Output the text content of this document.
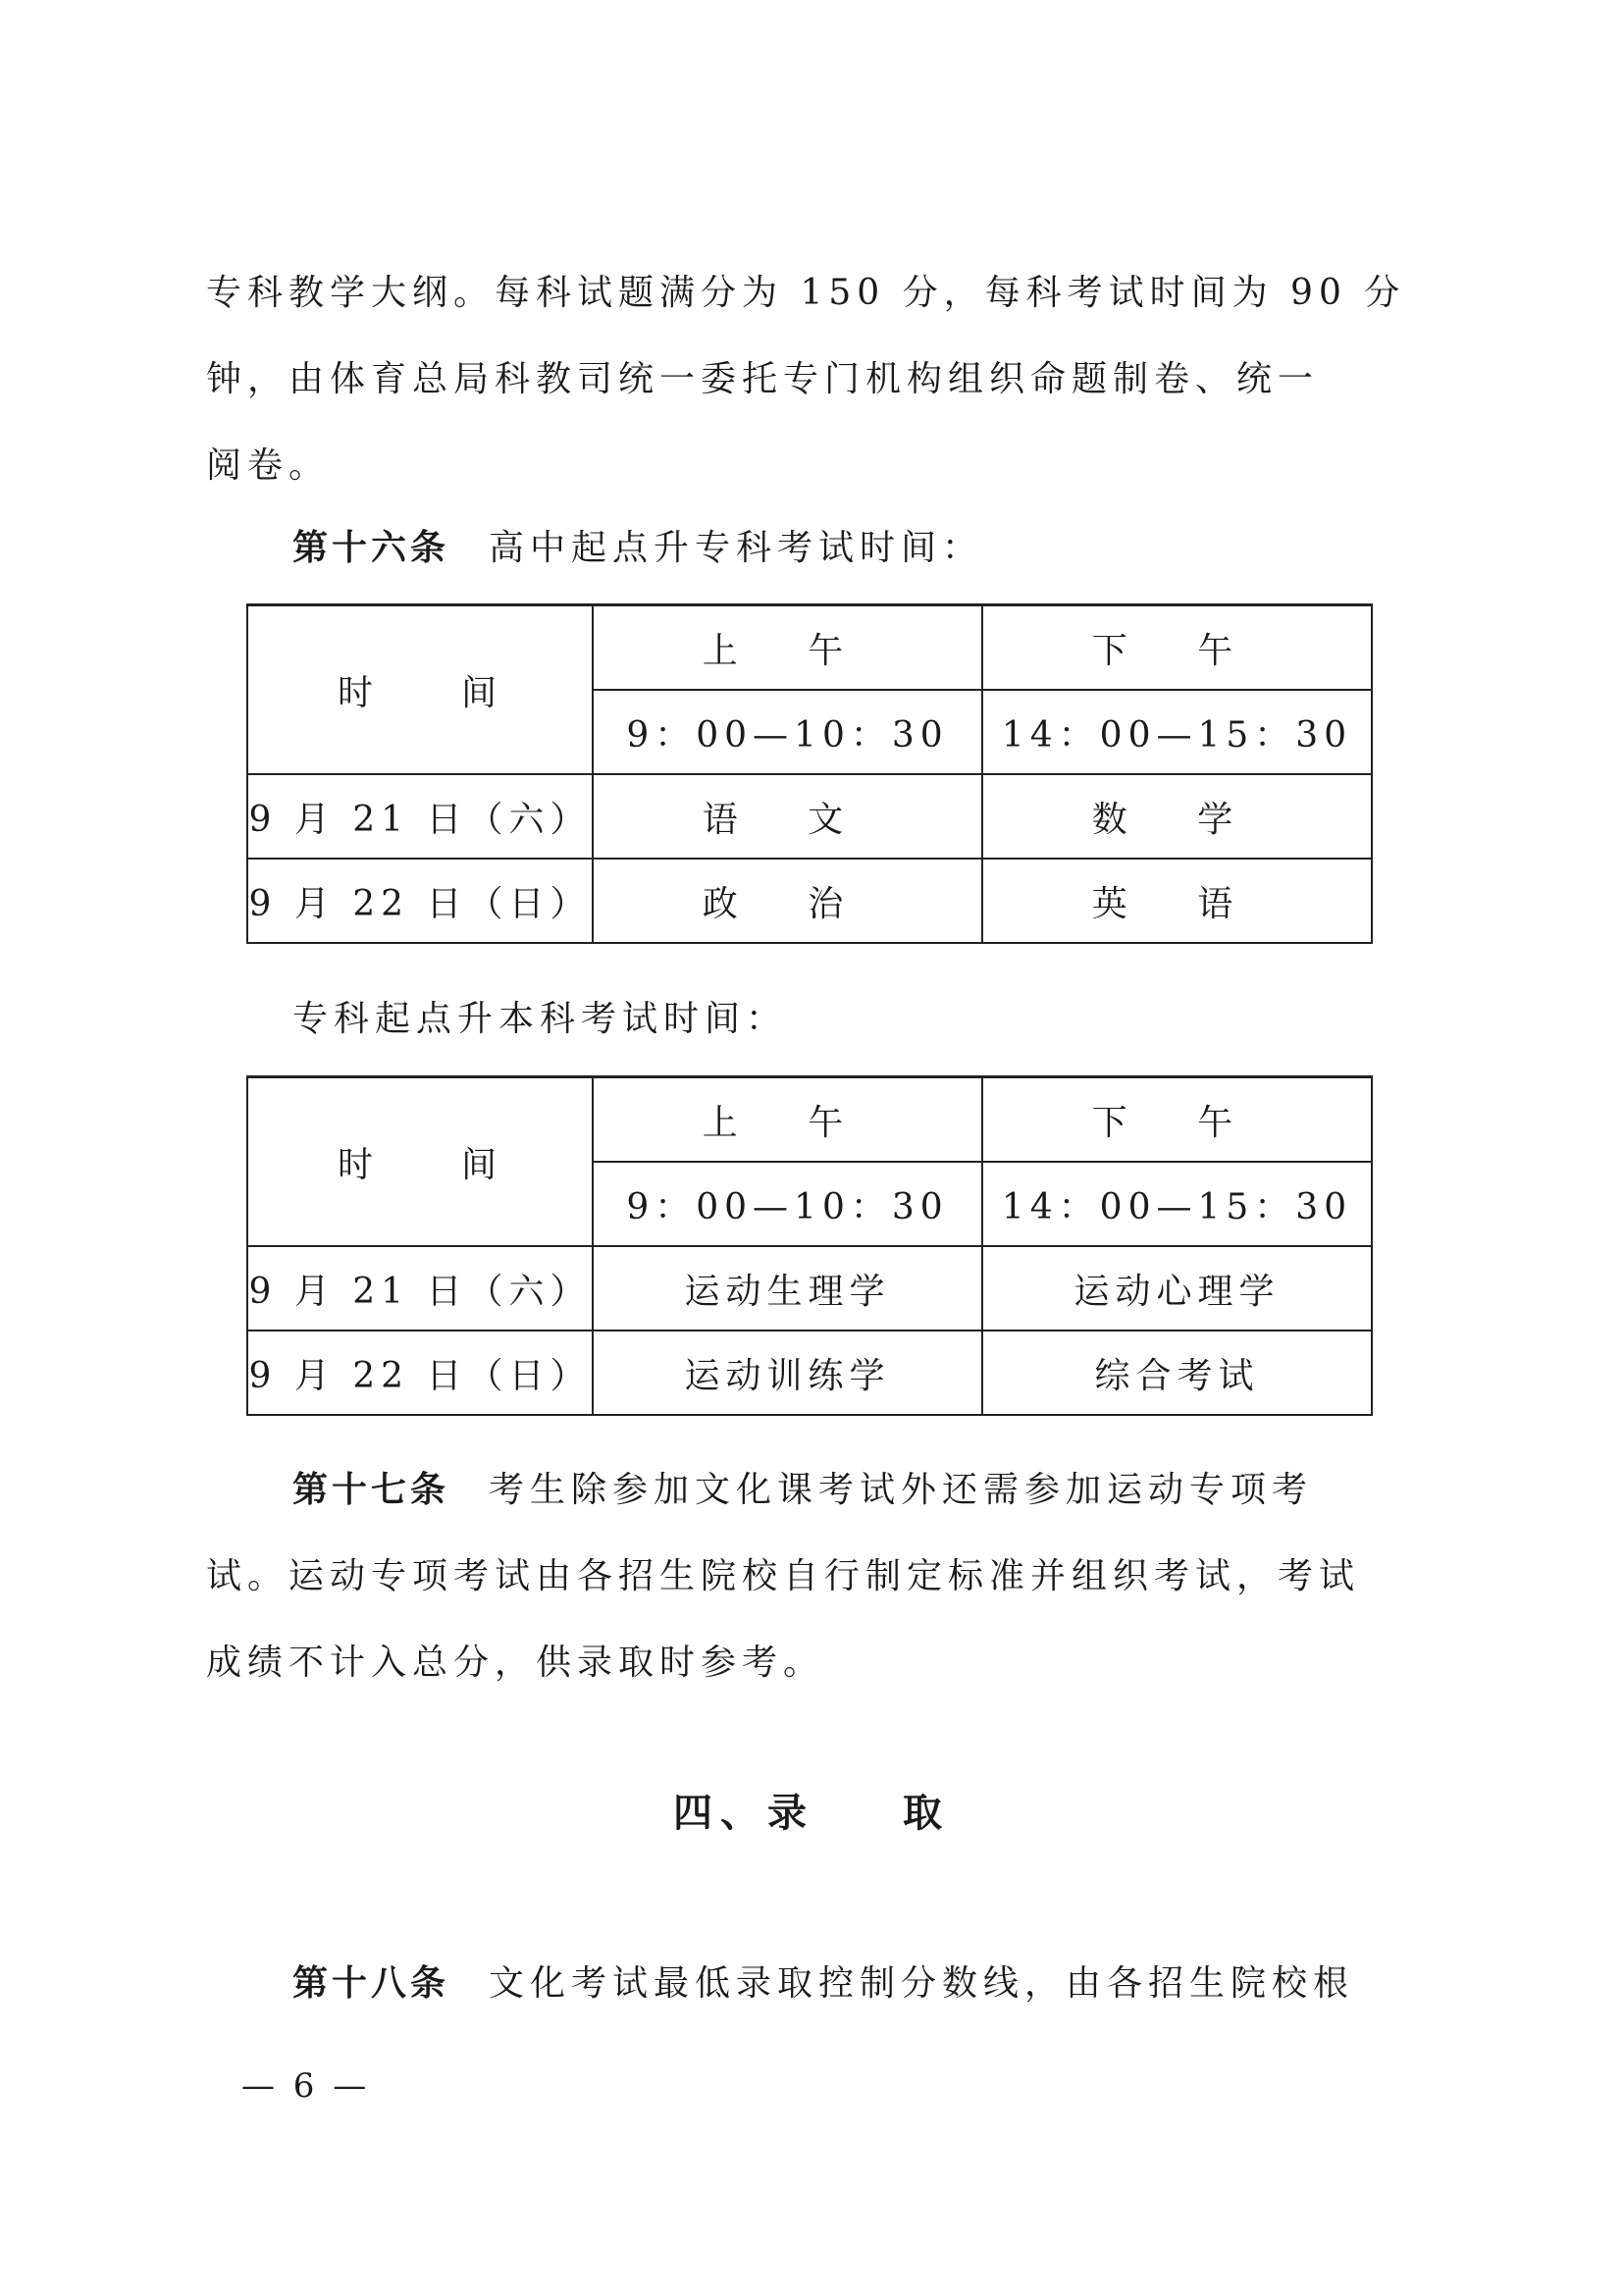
专科教学大纲。每科试题满分为 150 分，每科考试时间为 90 分

钟，由体育总局科教司统一委托专门机构组织命题制卷、统一

阅卷。

第十六条 高中起点升专科考试时间：

时　　间	上 午	下 午
	9：00—10：30	14：00—15：30
9 月 21 日（六）	语 文	数 学
9 月 22 日（日）	政 治	英 语

专科起点升本科考试时间：

时　　间	上 午	下 午
	9：00—10：30	14：00—15：30
9 月 21 日（六）	运动生理学	运动心理学
9 月 22 日（日）	运动训练学	综合考试

第十七条 考生除参加文化课考试外还需参加运动专项考

试。运动专项考试由各招生院校自行制定标准并组织考试，考试

成绩不计入总分，供录取时参考。

四、录 取

第十八条 文化考试最低录取控制分数线，由各招生院校根

— 6 —
